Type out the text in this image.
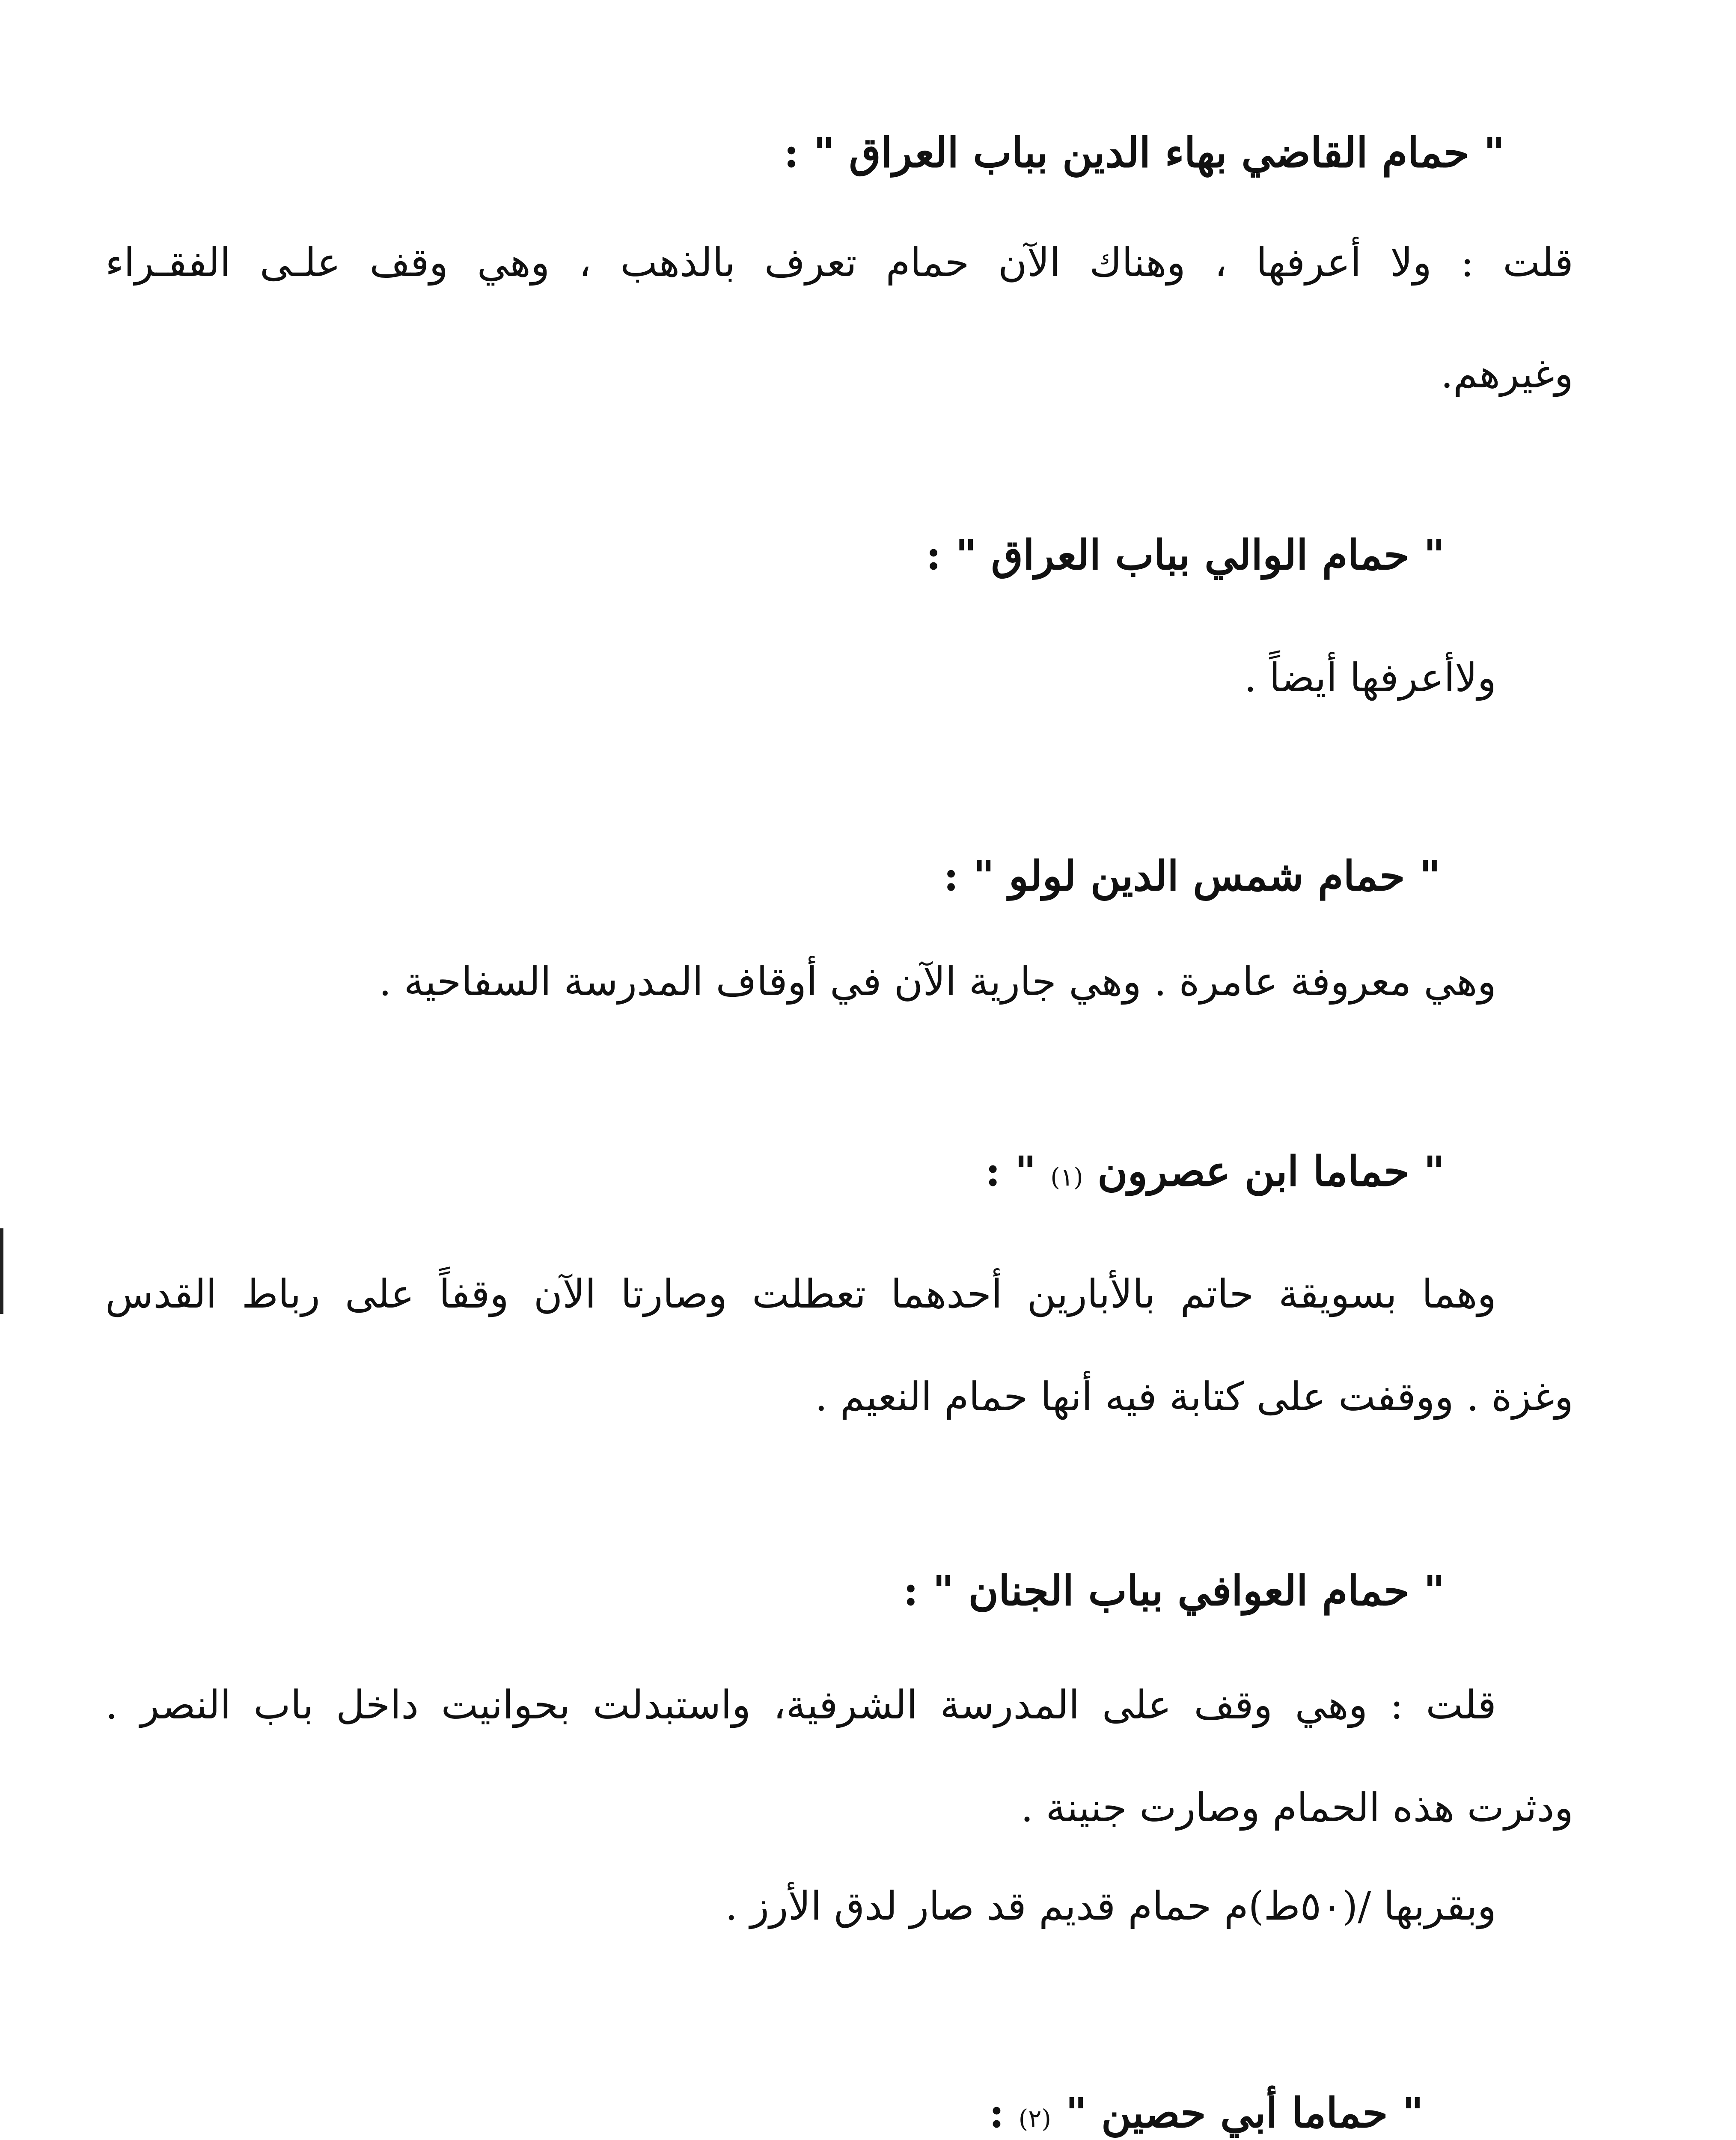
" حمام القاضي بهاء الدين بباب العراق " :
قلت : ولا أعرفها ، وهناك الآن حمام تعرف بالذهب ، وهي وقف علـى الفقـراء
وغيرهم.
" حمام الوالي بباب العراق " :
ولاأعرفها أيضاً .
" حمام شمس الدين لولو " :
وهي معروفة عامرة . وهي جارية الآن في أوقاف المدرسة السفاحية .
" حماما ابن عصرون (١) " :
وهما بسويقة حاتم بالأبارين أحدهما تعطلت وصارتا الآن وقفاً على رباط القدس
وغزة . ووقفت على كتابة فيه أنها حمام النعيم .
" حمام العوافي بباب الجنان " :
قلت : وهي وقف على المدرسة الشرفية، واستبدلت بحوانيت داخل باب النصر .
ودثرت هذه الحمام وصارت جنينة .
وبقربها /(٥٠ط)م حمام قديم قد صار لدق الأرز .
" حماما أبي حصين " (٢) :
